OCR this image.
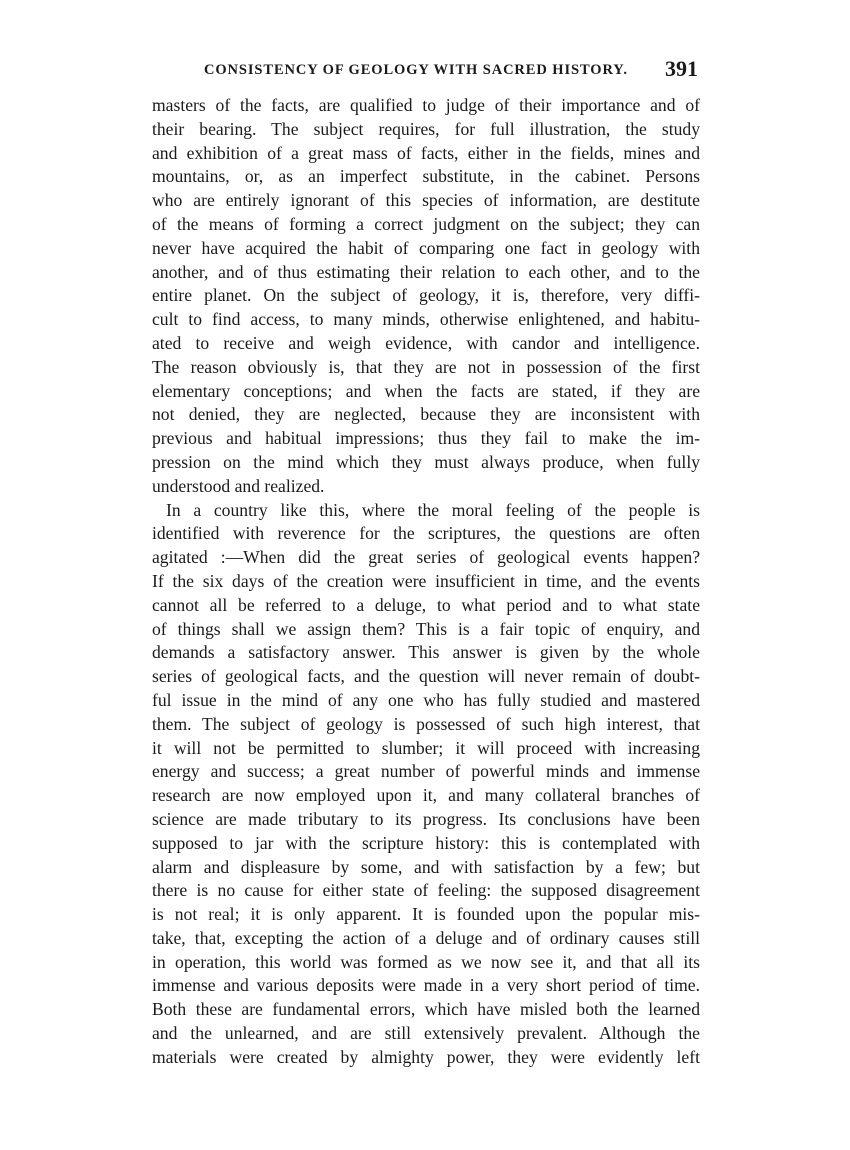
CONSISTENCY OF GEOLOGY WITH SACRED HISTORY. 391
masters of the facts, are qualified to judge of their importance and of
their bearing. The subject requires, for full illustration, the study
and exhibition of a great mass of facts, either in the fields, mines and
mountains, or, as an imperfect substitute, in the cabinet. Persons
who are entirely ignorant of this species of information, are destitute
of the means of forming a correct judgment on the subject; they can
never have acquired the habit of comparing one fact in geology with
another, and of thus estimating their relation to each other, and to the
entire planet. On the subject of geology, it is, therefore, very diffi-
cult to find access, to many minds, otherwise enlightened, and habitu-
ated to receive and weigh evidence, with candor and intelligence.
The reason obviously is, that they are not in possession of the first
elementary conceptions; and when the facts are stated, if they are
not denied, they are neglected, because they are inconsistent with
previous and habitual impressions; thus they fail to make the im-
pression on the mind which they must always produce, when fully
understood and realized.
In a country like this, where the moral feeling of the people is
identified with reverence for the scriptures, the questions are often
agitated :—When did the great series of geological events happen?
If the six days of the creation were insufficient in time, and the events
cannot all be referred to a deluge, to what period and to what state
of things shall we assign them? This is a fair topic of enquiry, and
demands a satisfactory answer. This answer is given by the whole
series of geological facts, and the question will never remain of doubt-
ful issue in the mind of any one who has fully studied and mastered
them. The subject of geology is possessed of such high interest, that
it will not be permitted to slumber; it will proceed with increasing
energy and success; a great number of powerful minds and immense
research are now employed upon it, and many collateral branches of
science are made tributary to its progress. Its conclusions have been
supposed to jar with the scripture history: this is contemplated with
alarm and displeasure by some, and with satisfaction by a few; but
there is no cause for either state of feeling: the supposed disagreement
is not real; it is only apparent. It is founded upon the popular mis-
take, that, excepting the action of a deluge and of ordinary causes still
in operation, this world was formed as we now see it, and that all its
immense and various deposits were made in a very short period of time.
Both these are fundamental errors, which have misled both the learned
and the unlearned, and are still extensively prevalent. Although the
materials were created by almighty power, they were evidently left
